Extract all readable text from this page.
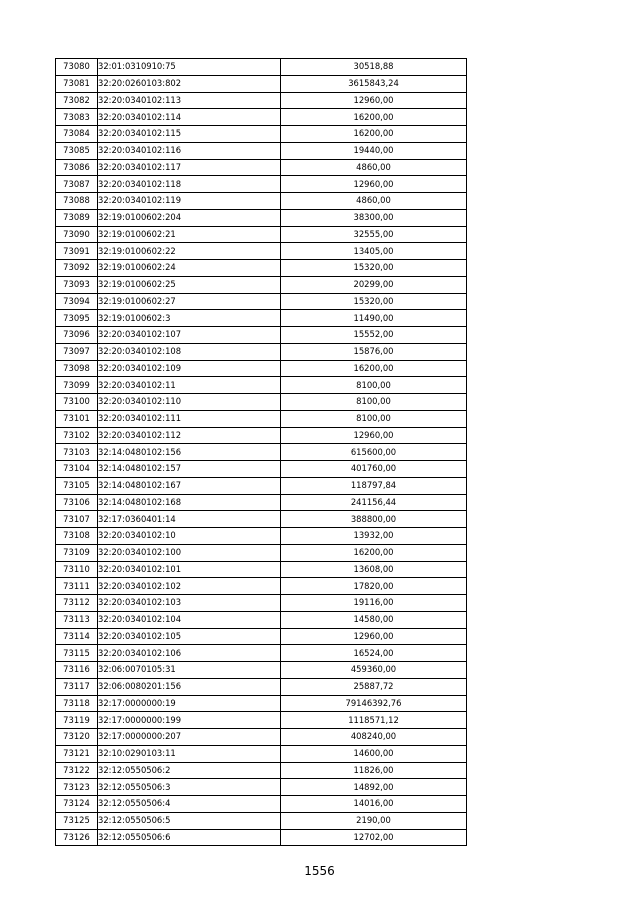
73080	32:01:0310910:75	30518,88
73081	32:20:0260103:802	3615843,24
73082	32:20:0340102:113	12960,00
73083	32:20:0340102:114	16200,00
73084	32:20:0340102:115	16200,00
73085	32:20:0340102:116	19440,00
73086	32:20:0340102:117	4860,00
73087	32:20:0340102:118	12960,00
73088	32:20:0340102:119	4860,00
73089	32:19:0100602:204	38300,00
73090	32:19:0100602:21	32555,00
73091	32:19:0100602:22	13405,00
73092	32:19:0100602:24	15320,00
73093	32:19:0100602:25	20299,00
73094	32:19:0100602:27	15320,00
73095	32:19:0100602:3	11490,00
73096	32:20:0340102:107	15552,00
73097	32:20:0340102:108	15876,00
73098	32:20:0340102:109	16200,00
73099	32:20:0340102:11	8100,00
73100	32:20:0340102:110	8100,00
73101	32:20:0340102:111	8100,00
73102	32:20:0340102:112	12960,00
73103	32:14:0480102:156	615600,00
73104	32:14:0480102:157	401760,00
73105	32:14:0480102:167	118797,84
73106	32:14:0480102:168	241156,44
73107	32:17:0360401:14	388800,00
73108	32:20:0340102:10	13932,00
73109	32:20:0340102:100	16200,00
73110	32:20:0340102:101	13608,00
73111	32:20:0340102:102	17820,00
73112	32:20:0340102:103	19116,00
73113	32:20:0340102:104	14580,00
73114	32:20:0340102:105	12960,00
73115	32:20:0340102:106	16524,00
73116	32:06:0070105:31	459360,00
73117	32:06:0080201:156	25887,72
73118	32:17:0000000:19	79146392,76
73119	32:17:0000000:199	1118571,12
73120	32:17:0000000:207	408240,00
73121	32:10:0290103:11	14600,00
73122	32:12:0550506:2	11826,00
73123	32:12:0550506:3	14892,00
73124	32:12:0550506:4	14016,00
73125	32:12:0550506:5	2190,00
73126	32:12:0550506:6	12702,00
1556
